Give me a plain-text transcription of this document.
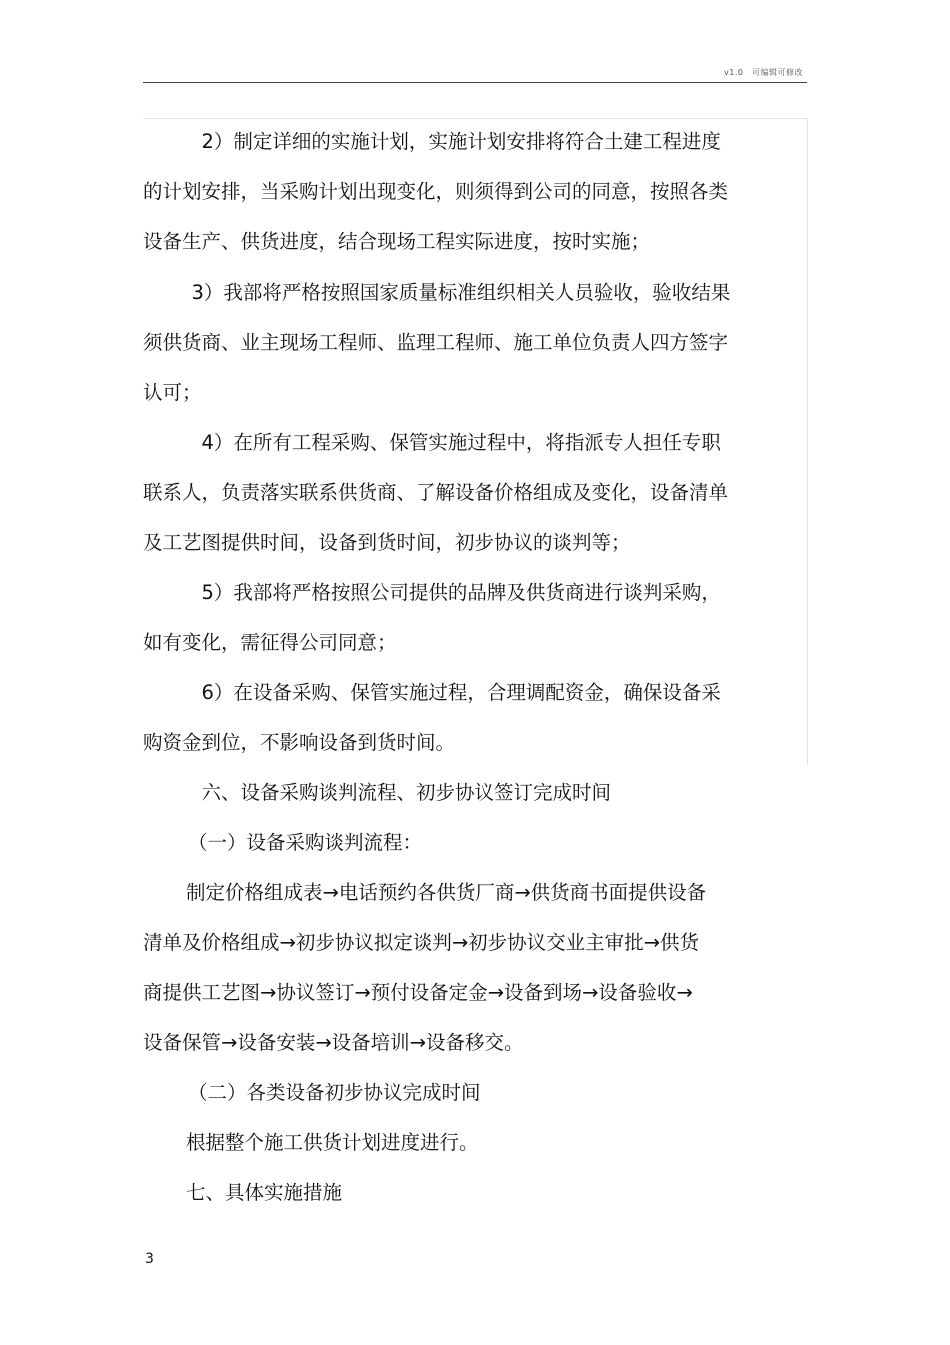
v1.0　可编辑可修改
　2）制定详细的实施计划，实施计划安排将符合土建工程进度
的计划安排，当采购计划出现变化，则须得到公司的同意，按照各类
设备生产、供货进度，结合现场工程实际进度，按时实施；
　3）我部将严格按照国家质量标准组织相关人员验收，验收结果
须供货商、业主现场工程师、监理工程师、施工单位负责人四方签字
认可；
　4）在所有工程采购、保管实施过程中，将指派专人担任专职
联系人，负责落实联系供货商、了解设备价格组成及变化，设备清单
及工艺图提供时间，设备到货时间，初步协议的谈判等；
　5）我部将严格按照公司提供的品牌及供货商进行谈判采购，
如有变化，需征得公司同意；
　6）在设备采购、保管实施过程，合理调配资金，确保设备采
购资金到位，不影响设备到货时间。
　六、设备采购谈判流程、初步协议签订完成时间
（一）设备采购谈判流程：
制定价格组成表→电话预约各供货厂商→供货商书面提供设备
清单及价格组成→初步协议拟定谈判→初步协议交业主审批→供货
商提供工艺图→协议签订→预付设备定金→设备到场→设备验收→
设备保管→设备安装→设备培训→设备移交。
（二）各类设备初步协议完成时间
根据整个施工供货计划进度进行。
七、具体实施措施
3
